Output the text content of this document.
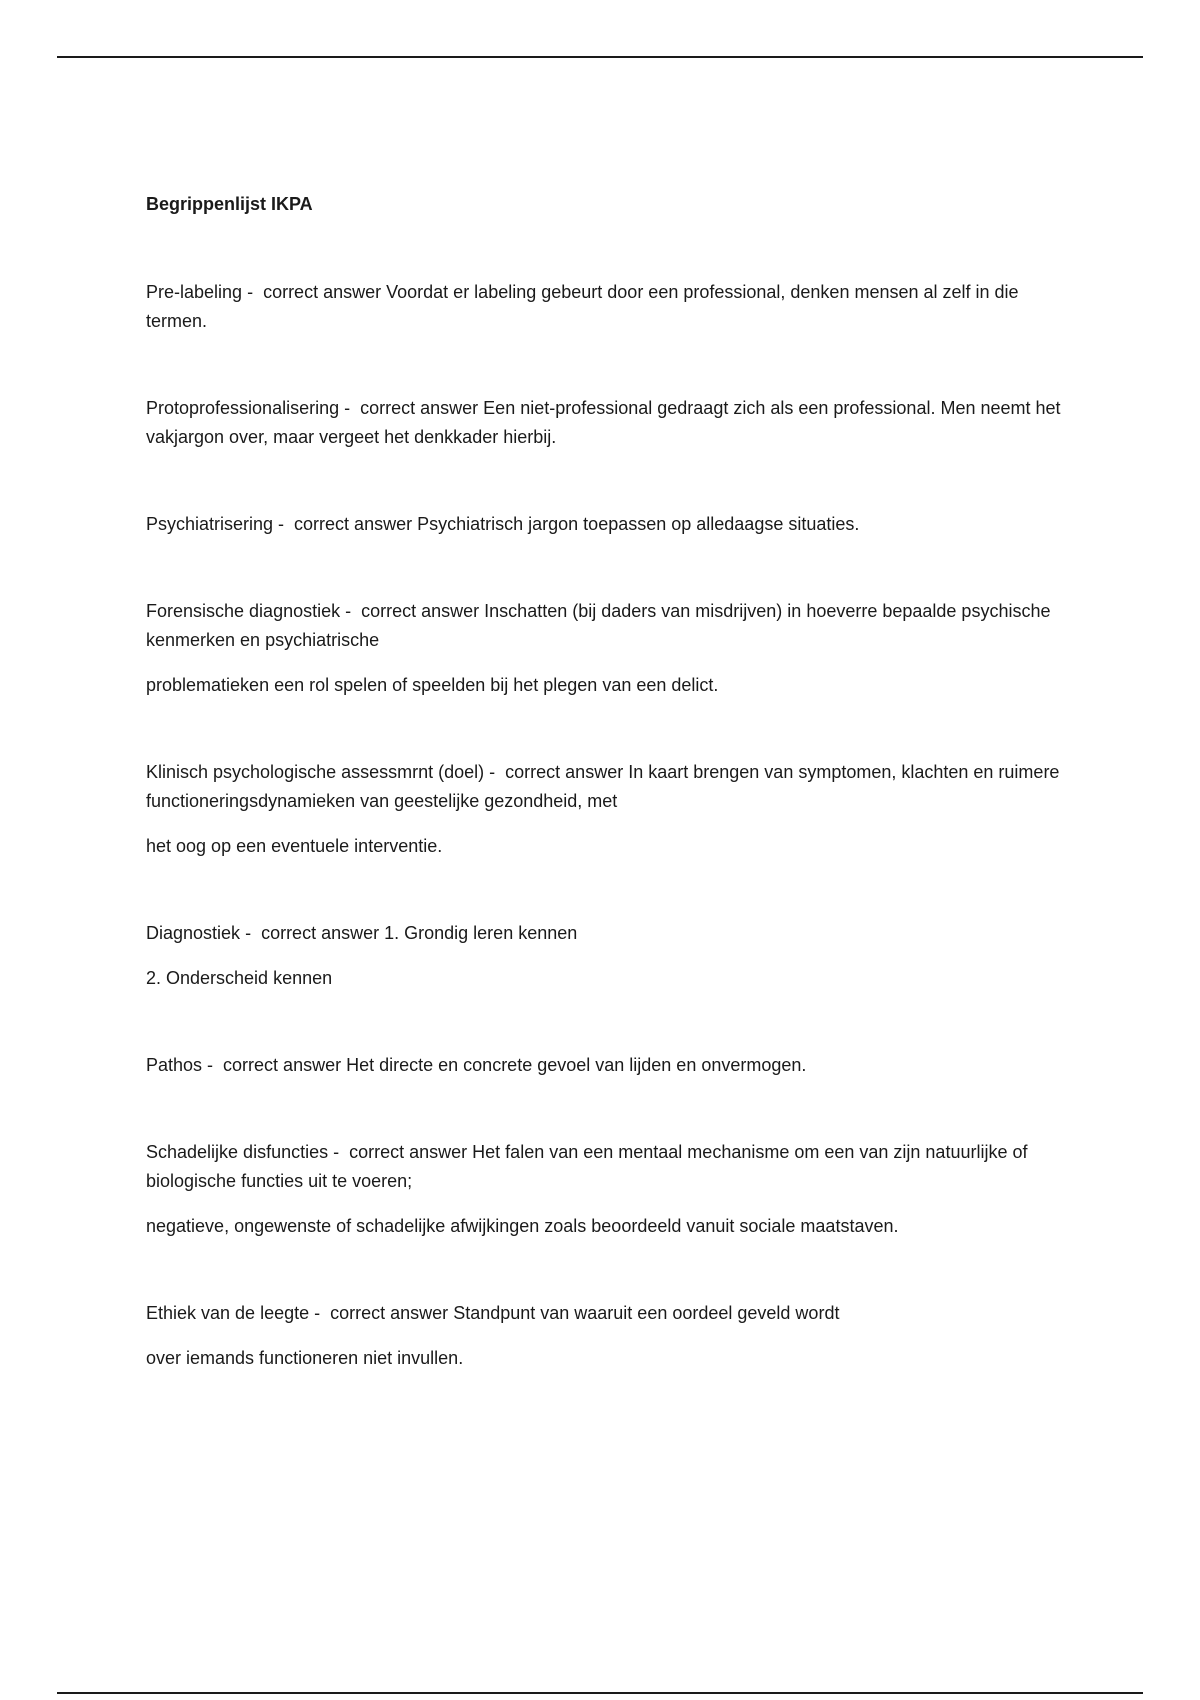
Begrippenlijst IKPA

Pre-labeling - correct answer Voordat er labeling gebeurt door een professional, denken mensen al zelf in die termen.

Protoprofessionalisering - correct answer Een niet-professional gedraagt zich als een professional. Men neemt het vakjargon over, maar vergeet het denkkader hierbij.

Psychiatrisering - correct answer Psychiatrisch jargon toepassen op alledaagse situaties.

Forensische diagnostiek - correct answer Inschatten (bij daders van misdrijven) in hoeverre bepaalde psychische kenmerken en psychiatrische

problematieken een rol spelen of speelden bij het plegen van een delict.

Klinisch psychologische assessmrnt (doel) - correct answer In kaart brengen van symptomen, klachten en ruimere functioneringsdynamieken van geestelijke gezondheid, met

het oog op een eventuele interventie.

Diagnostiek - correct answer 1. Grondig leren kennen

2. Onderscheid kennen

Pathos - correct answer Het directe en concrete gevoel van lijden en onvermogen.

Schadelijke disfuncties - correct answer Het falen van een mentaal mechanisme om een van zijn natuurlijke of biologische functies uit te voeren;

negatieve, ongewenste of schadelijke afwijkingen zoals beoordeeld vanuit sociale maatstaven.

Ethiek van de leegte - correct answer Standpunt van waaruit een oordeel geveld wordt

over iemands functioneren niet invullen.
